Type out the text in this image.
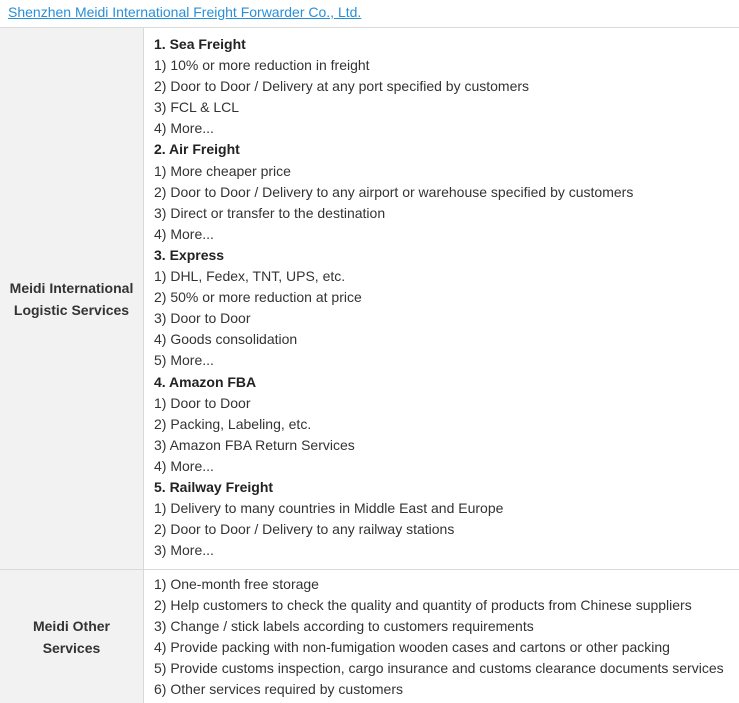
Shenzhen Meidi International Freight Forwarder Co., Ltd.
Meidi International
Logistic Services
1. Sea Freight
1) 10% or more reduction in freight
2) Door to Door / Delivery at any port specified by customers
3) FCL & LCL
4) More...
2. Air Freight
1) More cheaper price
2) Door to Door / Delivery to any airport or warehouse specified by customers
3) Direct or transfer to the destination
4) More...
3. Express
1) DHL, Fedex, TNT, UPS, etc.
2) 50% or more reduction at price
3) Door to Door
4) Goods consolidation
5) More...
4. Amazon FBA
1) Door to Door
2) Packing, Labeling, etc.
3) Amazon FBA Return Services
4) More...
5. Railway Freight
1) Delivery to many countries in Middle East and Europe
2) Door to Door / Delivery to any railway stations
3) More...
Meidi Other
Services
1) One-month free storage
2) Help customers to check the quality and quantity of products from Chinese suppliers
3) Change / stick labels according to customers requirements
4) Provide packing with non-fumigation wooden cases and cartons or other packing
5) Provide customs inspection, cargo insurance and customs clearance documents services
6) Other services required by customers
